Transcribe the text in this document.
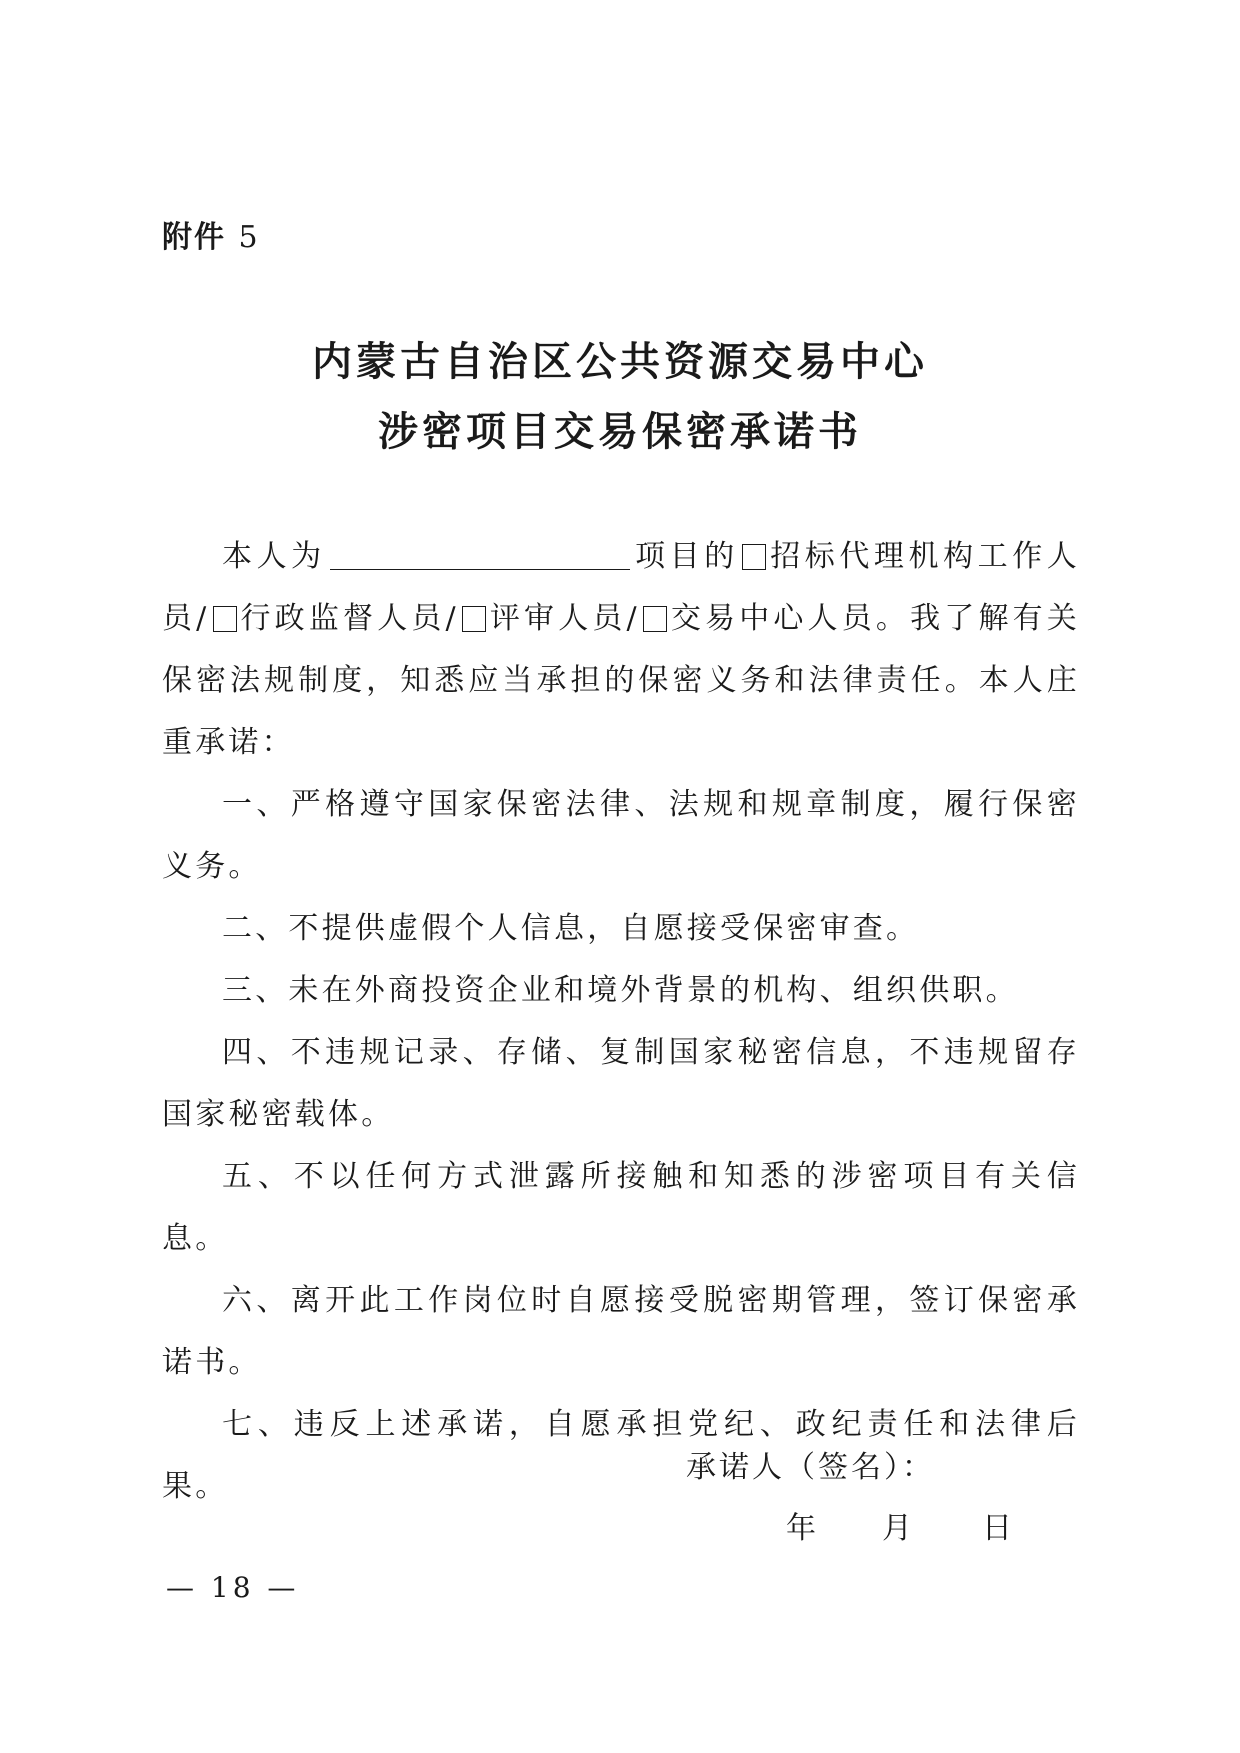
附件 5
内蒙古自治区公共资源交易中心
涉密项目交易保密承诺书

本人为	项目的 招标代理机构工作人员/ 行政监督人员/ 评审人员/ 交易中心人员。我了解有关保密法规制度，知悉应当承担的保密义务和法律责任。本人庄重承诺：

一、严格遵守国家保密法律、法规和规章制度，履行保密义务。

二、不提供虚假个人信息，自愿接受保密审查。

三、未在外商投资企业和境外背景的机构、组织供职。

四、不违规记录、存储、复制国家秘密信息，不违规留存国家秘密载体。

五、不以任何方式泄露所接触和知悉的涉密项目有关信息。

六、离开此工作岗位时自愿接受脱密期管理，签订保密承诺书。

七、违反上述承诺，自愿承担党纪、政纪责任和法律后果。

承诺人（签名）：
年 月 日
— 18 —
